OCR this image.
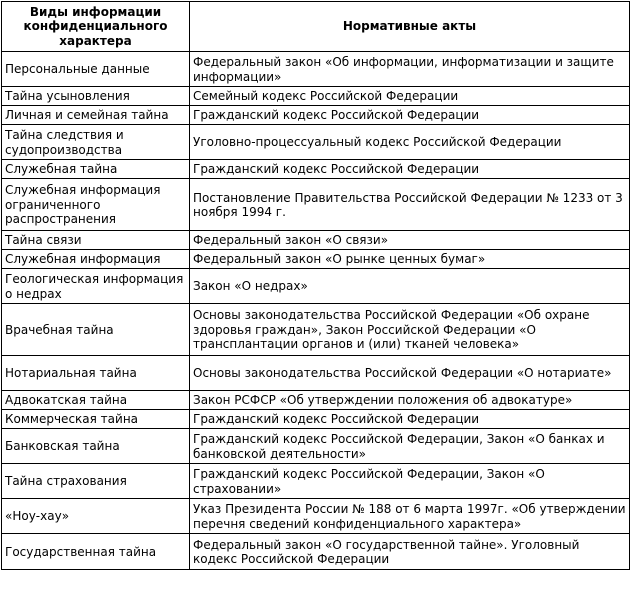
Виды информации конфиденциального характера	Нормативные акты
Персональные данные	Федеральный закон «Об информации, информатизации и защите информации»
Тайна усыновления	Семейный кодекс Российской Федерации
Личная и семейная тайна	Гражданский кодекс Российской Федерации
Тайна следствия и судопроизводства	Уголовно-процессуальный кодекс Российской Федерации
Служебная тайна	Гражданский кодекс Российской Федерации
Служебная информация ограниченного распространения	Постановление Правительства Российской Федерации № 1233 от 3 ноября 1994 г.
Тайна связи	Федеральный закон «О связи»
Служебная информация	Федеральный закон «О рынке ценных бумаг»
Геологическая информация о недрах	Закон «О недрах»
Врачебная тайна	Основы законодательства Российской Федерации «Об охране здоровья граждан», Закон Российской Федерации «О трансплантации органов и (или) тканей человека»
Нотариальная тайна	Основы законодательства Российской Федерации «О нотариате»
Адвокатская тайна	Закон РСФСР «Об утверждении положения об адвокатуре»
Коммерческая тайна	Гражданский кодекс Российской Федерации
Банковская тайна	Гражданский кодекс Российской Федерации, Закон «О банках и банковской деятельности»
Тайна страхования	Гражданский кодекс Российской Федерации, Закон «О страховании»
«Ноу-хау»	Указ Президента России № 188 от 6 марта 1997г. «Об утверждении перечня сведений конфиденциального характера»
Государственная тайна	Федеральный закон «О государственной тайне». Уголовный кодекс Российской Федерации
